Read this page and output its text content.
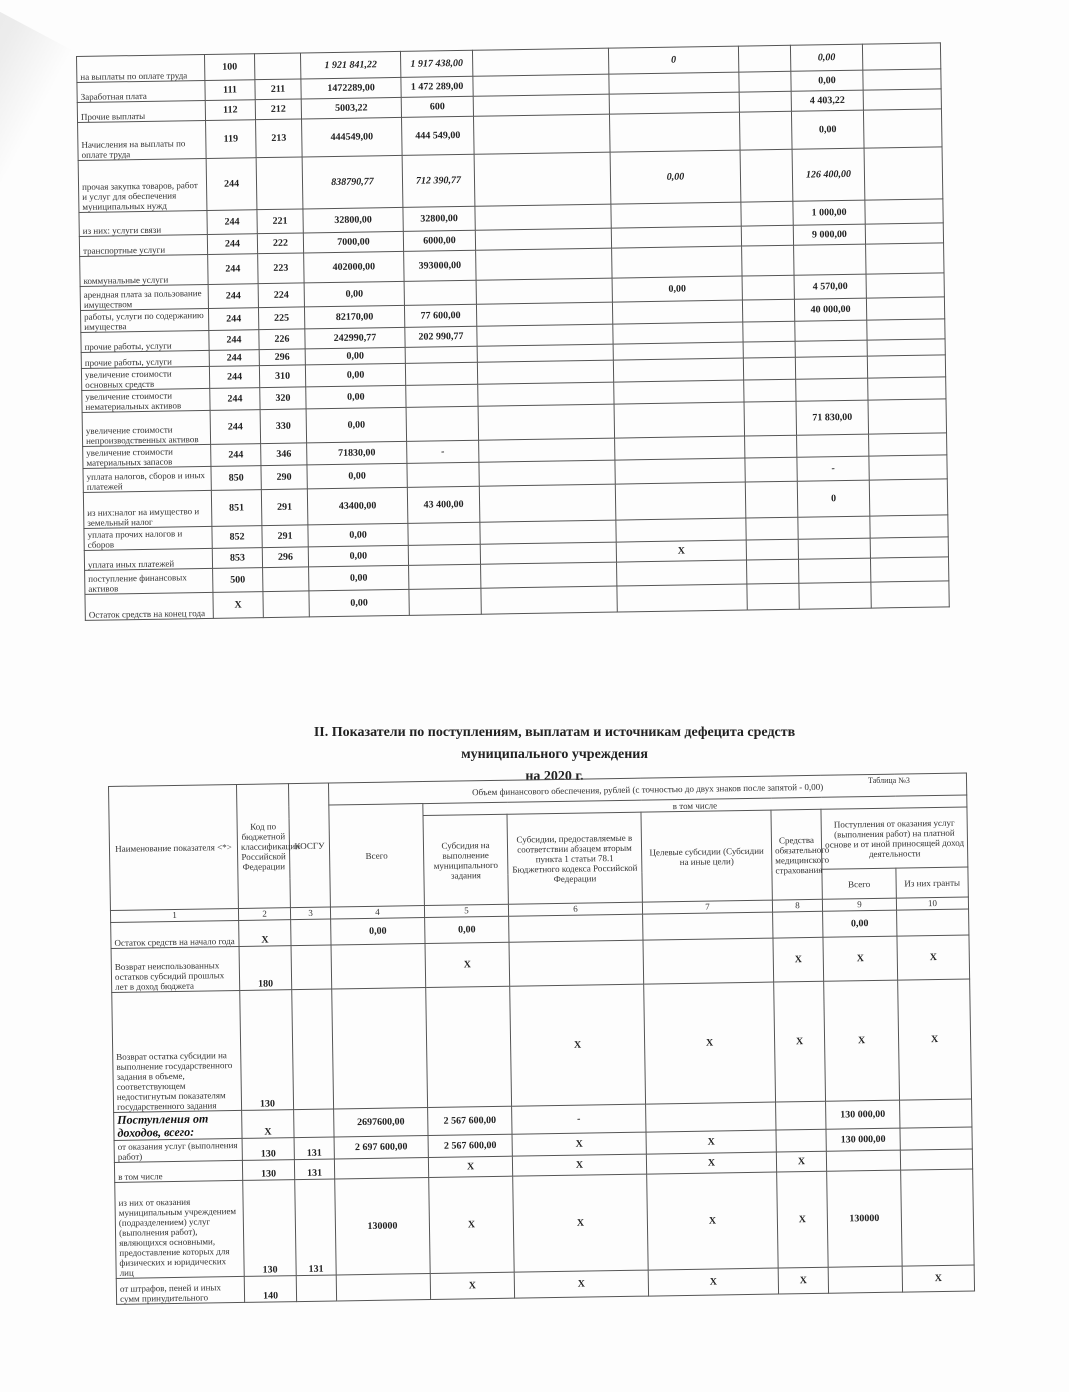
на выплаты по оплате труда	100		1 921 841,22	1 917 438,00		0		0,00	
Заработная плата	111	211	1472289,00	1 472 289,00				0,00	
Прочие выплаты	112	212	5003,22	600				4 403,22	
Начисления на выплаты по оплате труда	119	213	444549,00	444 549,00				0,00	
прочая закупка товаров, работ и услуг для обеспечения муниципальных нужд	244		838790,77	712 390,77		0,00		126 400,00	
из них: услуги связи	244	221	32800,00	32800,00				1 000,00	
транспортные услуги	244	222	7000,00	6000,00				9 000,00	
коммунальные услуги	244	223	402000,00	393000,00					
арендная плата за пользование имуществом	244	224	0,00			0,00		4 570,00	
работы, услуги по содержанию имущества	244	225	82170,00	77 600,00				40 000,00	
прочие работы, услуги	244	226	242990,77	202 990,77					
прочие работы, услуги	244	296	0,00						
увеличение стоимости основных средств	244	310	0,00						
увеличение стоимости нематериальных активов	244	320	0,00						
увеличение стоимости непроизводственных активов	244	330	0,00					71 830,00	
увеличение стоимости материальных запасов	244	346	71830,00	-					
уплата налогов, сборов и иных платежей	850	290	0,00					-	
из них:налог на имущество и земельный налог	851	291	43400,00	43 400,00				0	
уплата прочих налогов и сборов	852	291	0,00						
уплата иных платежей	853	296	0,00			X			
поступление финансовых активов	500		0,00						
Остаток средств на конец года	X		0,00						
II. Показатели по поступлениям, выплатам и источникам дефецита средств
муниципального учреждения
на 2020 г.	Таблица №3
Наименование показателя <*>	Код по бюджетной классификации Российской Федерации	КОСГУ	Объем финансового обеспечения, рублей (с точностью до двух знаков после запятой - 0,00)						
			Всего	в том числе					
				Субсидия на выполнение муниципального задания	Субсидии, предоставляемые в соответствии абзацем вторым пункта 1 статьи 78.1 Бюджетного кодекса Российской Федерации	Целевые субсидии (Субсидии на иные цели)	Средства обязательного медицинского страхования	Поступления от оказания услуг (выполнения работ) на платной основе и от иной приносящей доход деятельности	
								Всего	Из них гранты
1	2	3	4	5	6	7	8	9	10
Остаток средств на начало года	X		0,00	0,00				0,00	
Возврат неиспользованных остатков субсидий прошлых лет в доход бюджета	180			X			X	X	X
Возврат остатка субсидии на выполнение государственного задания в объеме, соответствующем недостигнутым показателям государственного задания	130				X	X	X	X	X
Поступления от доходов, всего:	X		2697600,00	2 567 600,00	-			130 000,00	
от оказания услуг (выполнения работ)	130	131	2 697 600,00	2 567 600,00	X	X		130 000,00	
в том числе	130	131		X	X	X	X		
из них от оказания муниципальным учреждением (подразделением) услуг (выполнения работ), являющихся основными, предоставление которых для физических и юридических лиц	130	131	130000	X	X	X	X	130000	
от штрафов, пеней и иных сумм принудительного	140			X	X	X	X		X
